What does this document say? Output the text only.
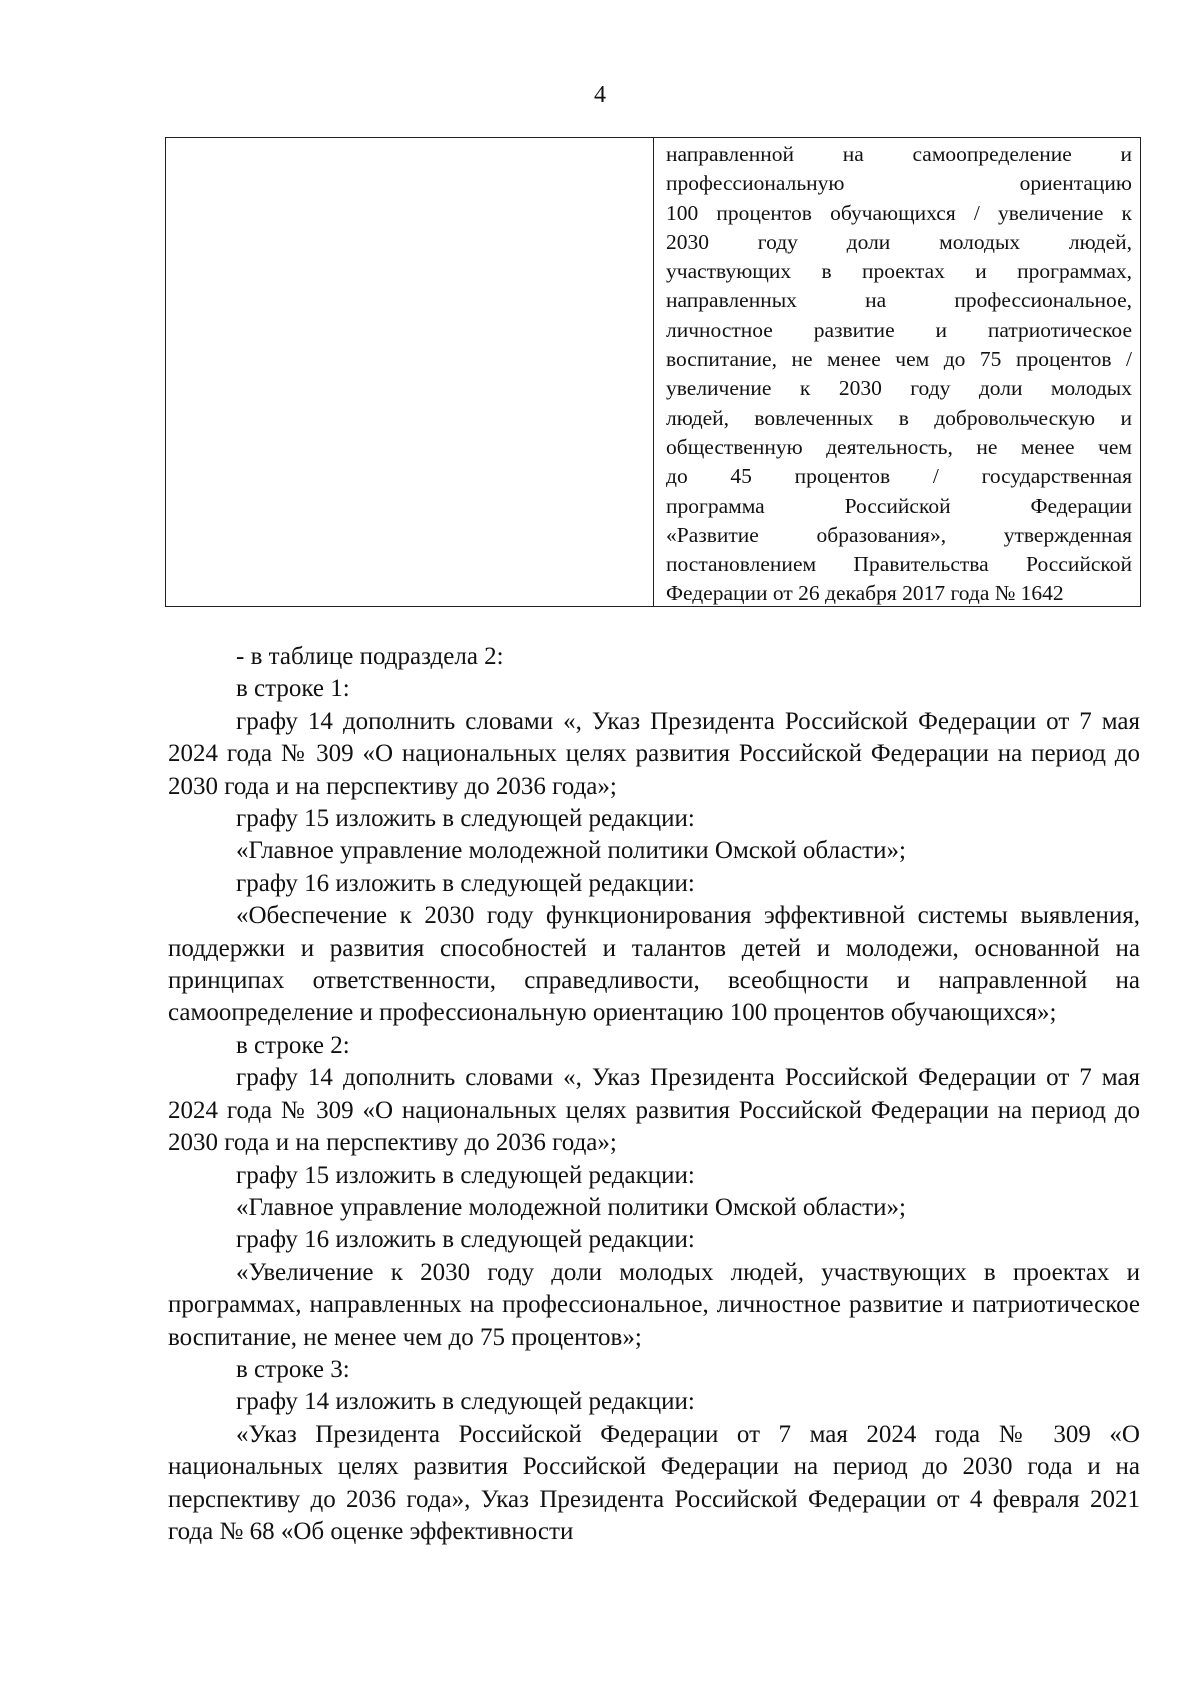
4
направленной на самоопределение и
профессиональную ориентацию
100 процентов обучающихся / увеличение к
2030 году доли молодых людей,
участвующих в проектах и программах,
направленных на профессиональное,
личностное развитие и патриотическое
воспитание, не менее чем до 75 процентов /
увеличение к 2030 году доли молодых
людей, вовлеченных в добровольческую и
общественную деятельность, не менее чем
до 45 процентов / государственная
программа Российской Федерации
«Развитие образования», утвержденная
постановлением Правительства Российской
Федерации от 26 декабря 2017 года № 1642

- в таблице подраздела 2:

в строке 1:

графу 14 дополнить словами «, Указ Президента Российской Федерации от 7 мая 2024 года № 309 «О национальных целях развития Российской Федерации на период до 2030 года и на перспективу до 2036 года»;

графу 15 изложить в следующей редакции:

«Главное управление молодежной политики Омской области»;

графу 16 изложить в следующей редакции:

«Обеспечение к 2030 году функционирования эффективной системы выявления, поддержки и развития способностей и талантов детей и молодежи, основанной на принципах ответственности, справедливости, всеобщности и направленной на самоопределение и профессиональную ориентацию 100 процентов обучающихся»;

в строке 2:

графу 14 дополнить словами «, Указ Президента Российской Федерации от 7 мая 2024 года № 309 «О национальных целях развития Российской Федерации на период до 2030 года и на перспективу до 2036 года»;

графу 15 изложить в следующей редакции:

«Главное управление молодежной политики Омской области»;

графу 16 изложить в следующей редакции:

«Увеличение к 2030 году доли молодых людей, участвующих в проектах и программах, направленных на профессиональное, личностное развитие и патриотическое воспитание, не менее чем до 75 процентов»;

в строке 3:

графу 14 изложить в следующей редакции:

«Указ Президента Российской Федерации от 7 мая 2024 года № 309 «О национальных целях развития Российской Федерации на период до 2030 года и на перспективу до 2036 года», Указ Президента Российской Федерации от 4 февраля 2021 года № 68 «Об оценке эффективности
